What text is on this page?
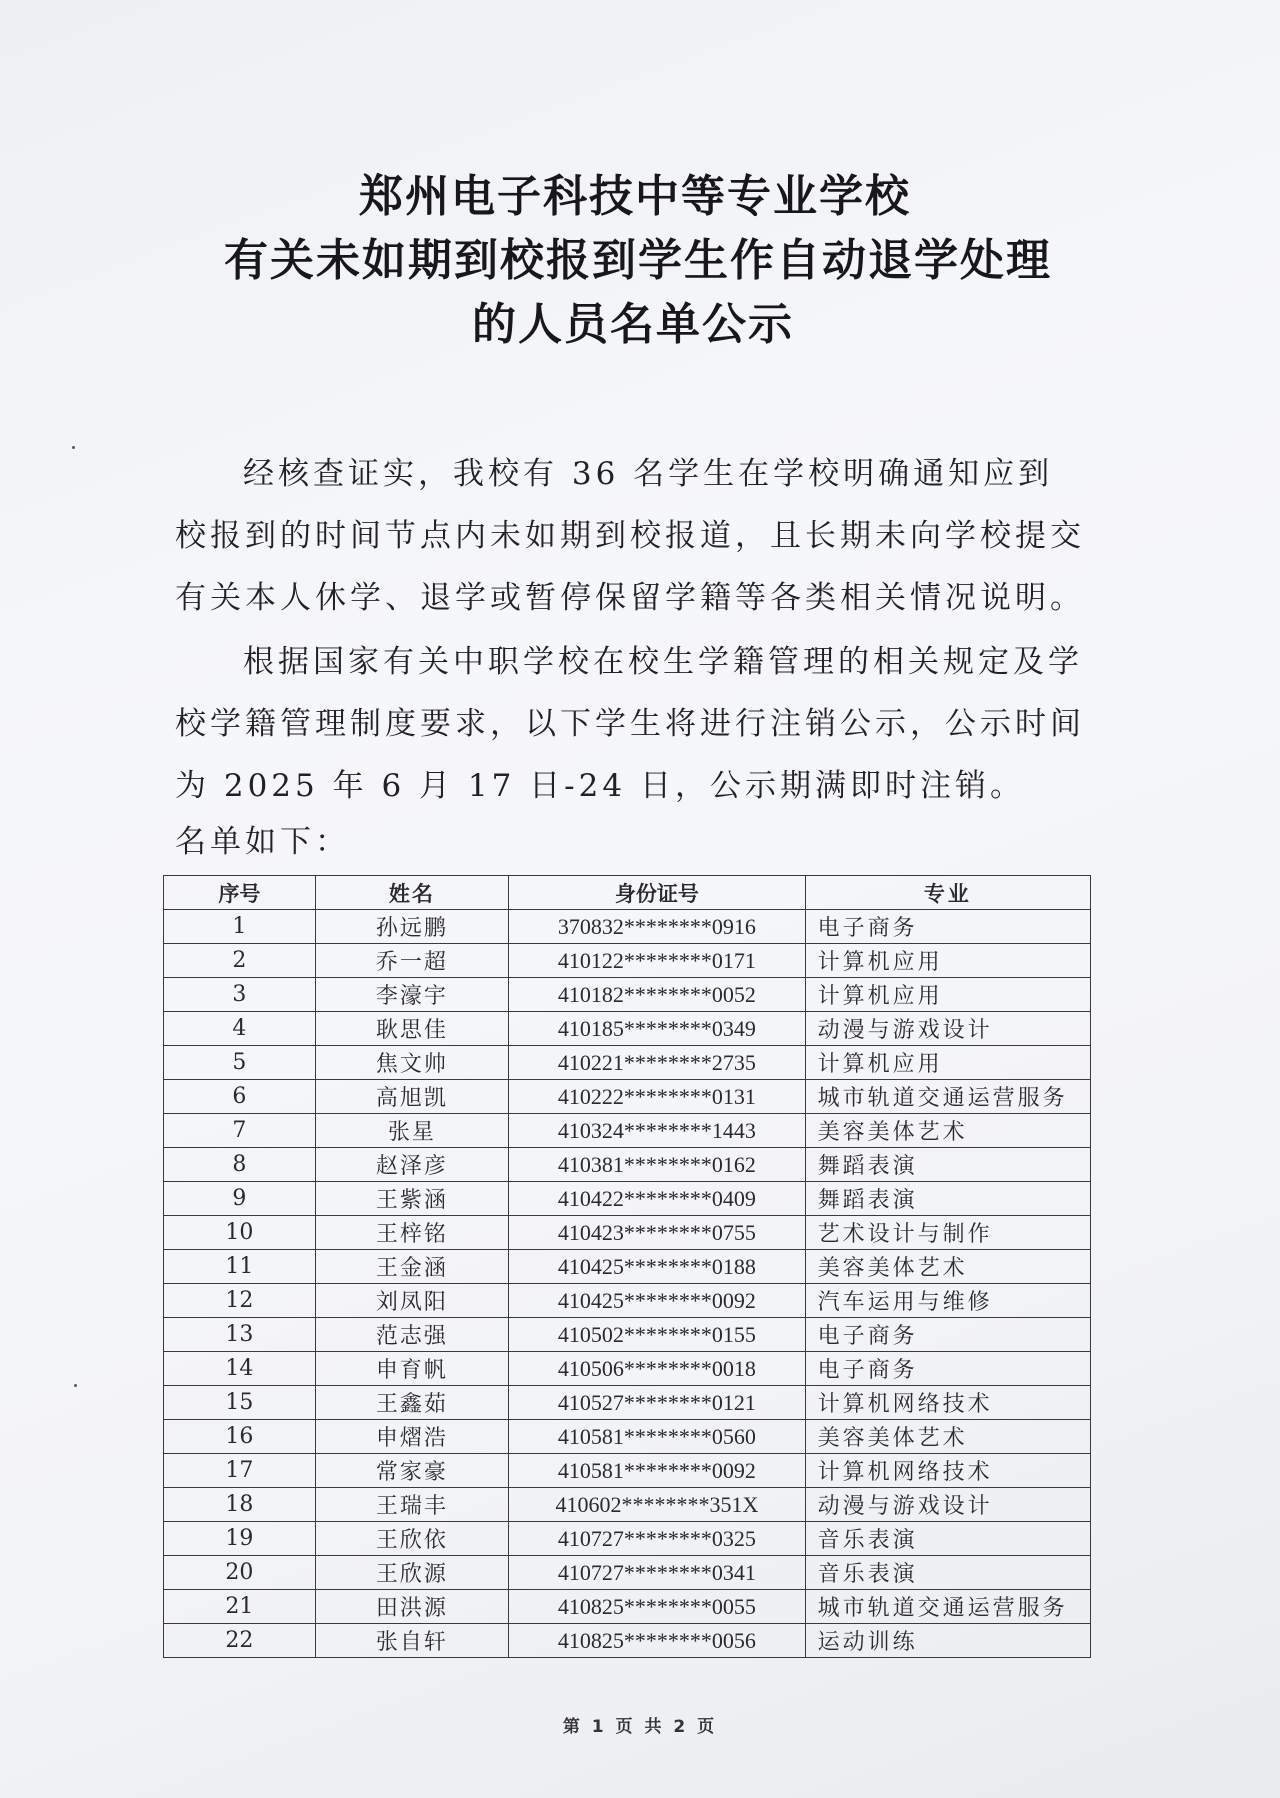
郑州电子科技中等专业学校
有关未如期到校报到学生作自动退学处理
的人员名单公示
经核查证实，我校有 36 名学生在学校明确通知应到校报到的时间节点内未如期到校报道，且长期未向学校提交有关本人休学、退学或暂停保留学籍等各类相关情况说明。
根据国家有关中职学校在校生学籍管理的相关规定及学校学籍管理制度要求，以下学生将进行注销公示，公示时间为 2025 年 6 月 17 日-24 日，公示期满即时注销。
名单如下：
序号	姓名	身份证号	专业
1	孙远鹏	370832********0916	电子商务
2	乔一超	410122********0171	计算机应用
3	李濠宇	410182********0052	计算机应用
4	耿思佳	410185********0349	动漫与游戏设计
5	焦文帅	410221********2735	计算机应用
6	高旭凯	410222********0131	城市轨道交通运营服务
7	张星	410324********1443	美容美体艺术
8	赵泽彦	410381********0162	舞蹈表演
9	王紫涵	410422********0409	舞蹈表演
10	王梓铭	410423********0755	艺术设计与制作
11	王金涵	410425********0188	美容美体艺术
12	刘凤阳	410425********0092	汽车运用与维修
13	范志强	410502********0155	电子商务
14	申育帆	410506********0018	电子商务
15	王鑫茹	410527********0121	计算机网络技术
16	申熠浩	410581********0560	美容美体艺术
17	常家豪	410581********0092	计算机网络技术
18	王瑞丰	410602********351X	动漫与游戏设计
19	王欣依	410727********0325	音乐表演
20	王欣源	410727********0341	音乐表演
21	田洪源	410825********0055	城市轨道交通运营服务
22	张自轩	410825********0056	运动训练
第 1 页 共 2 页
